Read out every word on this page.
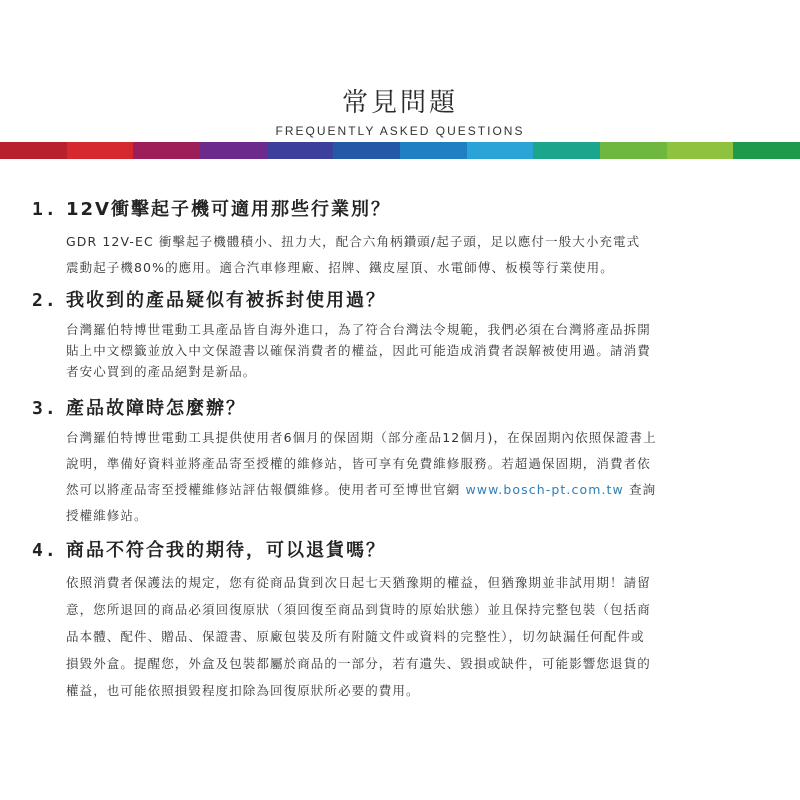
常見問題
FREQUENTLY ASKED QUESTIONS
1. 12V衝擊起子機可適用那些行業別？
GDR 12V-EC 衝擊起子機體積小、扭力大，配合六角柄鑽頭/起子頭，足以應付一般大小充電式
震動起子機80%的應用。適合汽車修理廠、招牌、鐵皮屋頂、水電師傅、板模等行業使用。
2. 我收到的產品疑似有被拆封使用過？
台灣羅伯特博世電動工具產品皆自海外進口，為了符合台灣法令規範，我們必須在台灣將產品拆開
貼上中文標籤並放入中文保證書以確保消費者的權益，因此可能造成消費者誤解被使用過。請消費
者安心買到的產品絕對是新品。
3. 產品故障時怎麼辦？
台灣羅伯特博世電動工具提供使用者6個月的保固期（部分產品12個月)，在保固期內依照保證書上
說明，準備好資料並將產品寄至授權的維修站，皆可享有免費維修服務。若超過保固期，消費者依
然可以將產品寄至授權維修站評估報價維修。使用者可至博世官網 www.bosch-pt.com.tw 查詢
授權維修站。
4. 商品不符合我的期待，可以退貨嗎？
依照消費者保護法的規定，您有從商品貨到次日起七天猶豫期的權益，但猶豫期並非試用期！請留
意，您所退回的商品必須回復原狀（須回復至商品到貨時的原始狀態）並且保持完整包裝（包括商
品本體、配件、贈品、保證書、原廠包裝及所有附隨文件或資料的完整性），切勿缺漏任何配件或
損毀外盒。提醒您，外盒及包裝都屬於商品的一部分，若有遺失、毀損或缺件，可能影響您退貨的
權益，也可能依照損毀程度扣除為回復原狀所必要的費用。
